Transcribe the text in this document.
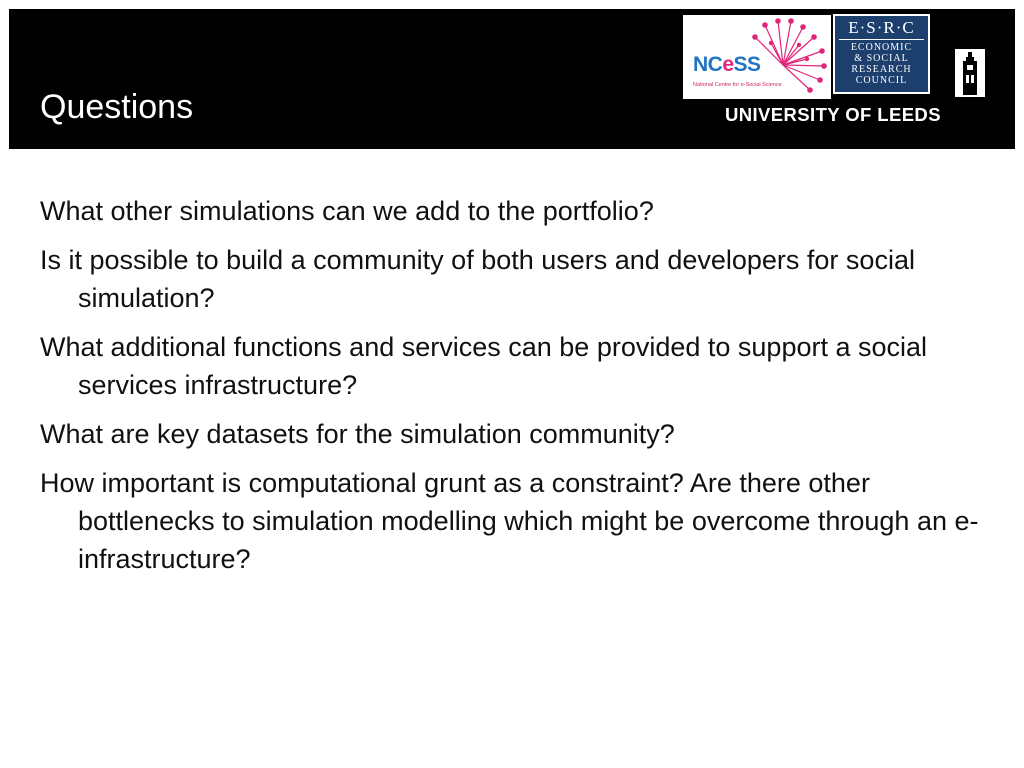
Questions
NCeSS
National Centre for e-Social Science
E·S·R·C
ECONOMIC
& SOCIAL
RESEARCH
COUNCIL
UNIVERSITY OF LEEDS

What other simulations can we add to the portfolio?

Is it possible to build a community of both users and developers for social simulation?

What additional functions and services can be provided to support a social services infrastructure?

What are key datasets for the simulation community?

How important is computational grunt as a constraint? Are there other bottlenecks to simulation modelling which might be overcome through an e-infrastructure?
